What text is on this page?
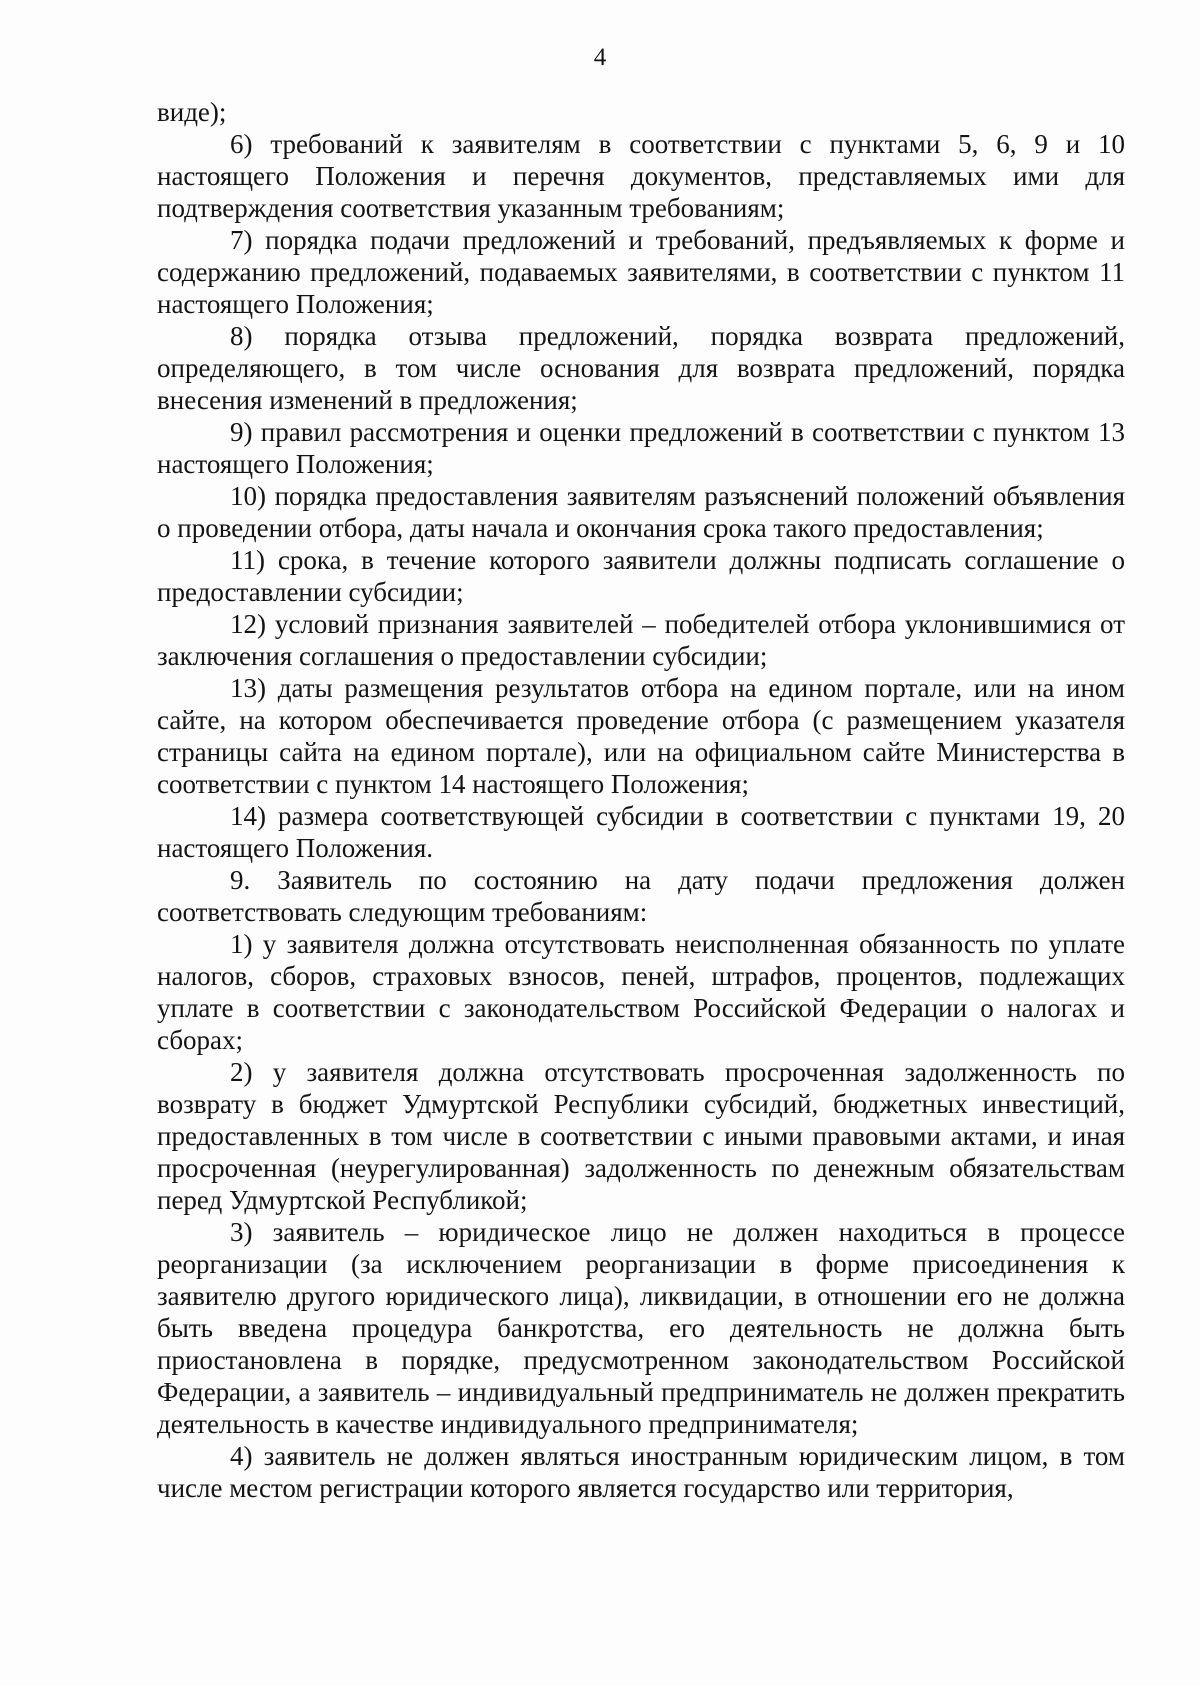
4

виде);

6) требований к заявителям в соответствии с пунктами 5, 6, 9 и 10 настоящего Положения и перечня документов, представляемых ими для подтверждения соответствия указанным требованиям;

7) порядка подачи предложений и требований, предъявляемых к форме и содержанию предложений, подаваемых заявителями, в соответствии с пунктом 11 настоящего Положения;

8) порядка отзыва предложений, порядка возврата предложений, определяющего, в том числе основания для возврата предложений, порядка внесения изменений в предложения;

9) правил рассмотрения и оценки предложений в соответствии с пунктом 13 настоящего Положения;

10) порядка предоставления заявителям разъяснений положений объявления о проведении отбора, даты начала и окончания срока такого предоставления;

11) срока, в течение которого заявители должны подписать соглашение о предоставлении субсидии;

12) условий признания заявителей – победителей отбора уклонившимися от заключения соглашения о предоставлении субсидии;

13) даты размещения результатов отбора на едином портале, или на ином сайте, на котором обеспечивается проведение отбора (с размещением указателя страницы сайта на едином портале), или на официальном сайте Министерства в соответствии с пунктом 14 настоящего Положения;

14) размера соответствующей субсидии в соответствии с пунктами 19, 20 настоящего Положения.

9. Заявитель по состоянию на дату подачи предложения должен соответствовать следующим требованиям:

1) у заявителя должна отсутствовать неисполненная обязанность по уплате налогов, сборов, страховых взносов, пеней, штрафов, процентов, подлежащих уплате в соответствии с законодательством Российской Федерации о налогах и сборах;

2) у заявителя должна отсутствовать просроченная задолженность по возврату в бюджет Удмуртской Республики субсидий, бюджетных инвестиций, предоставленных в том числе в соответствии с иными правовыми актами, и иная просроченная (неурегулированная) задолженность по денежным обязательствам перед Удмуртской Республикой;

3) заявитель – юридическое лицо не должен находиться в процессе реорганизации (за исключением реорганизации в форме присоединения к заявителю другого юридического лица), ликвидации, в отношении его не должна быть введена процедура банкротства, его деятельность не должна быть приостановлена в порядке, предусмотренном законодательством Российской Федерации, а заявитель – индивидуальный предприниматель не должен прекратить деятельность в качестве индивидуального предпринимателя;

4) заявитель не должен являться иностранным юридическим лицом, в том числе местом регистрации которого является государство или территория,
